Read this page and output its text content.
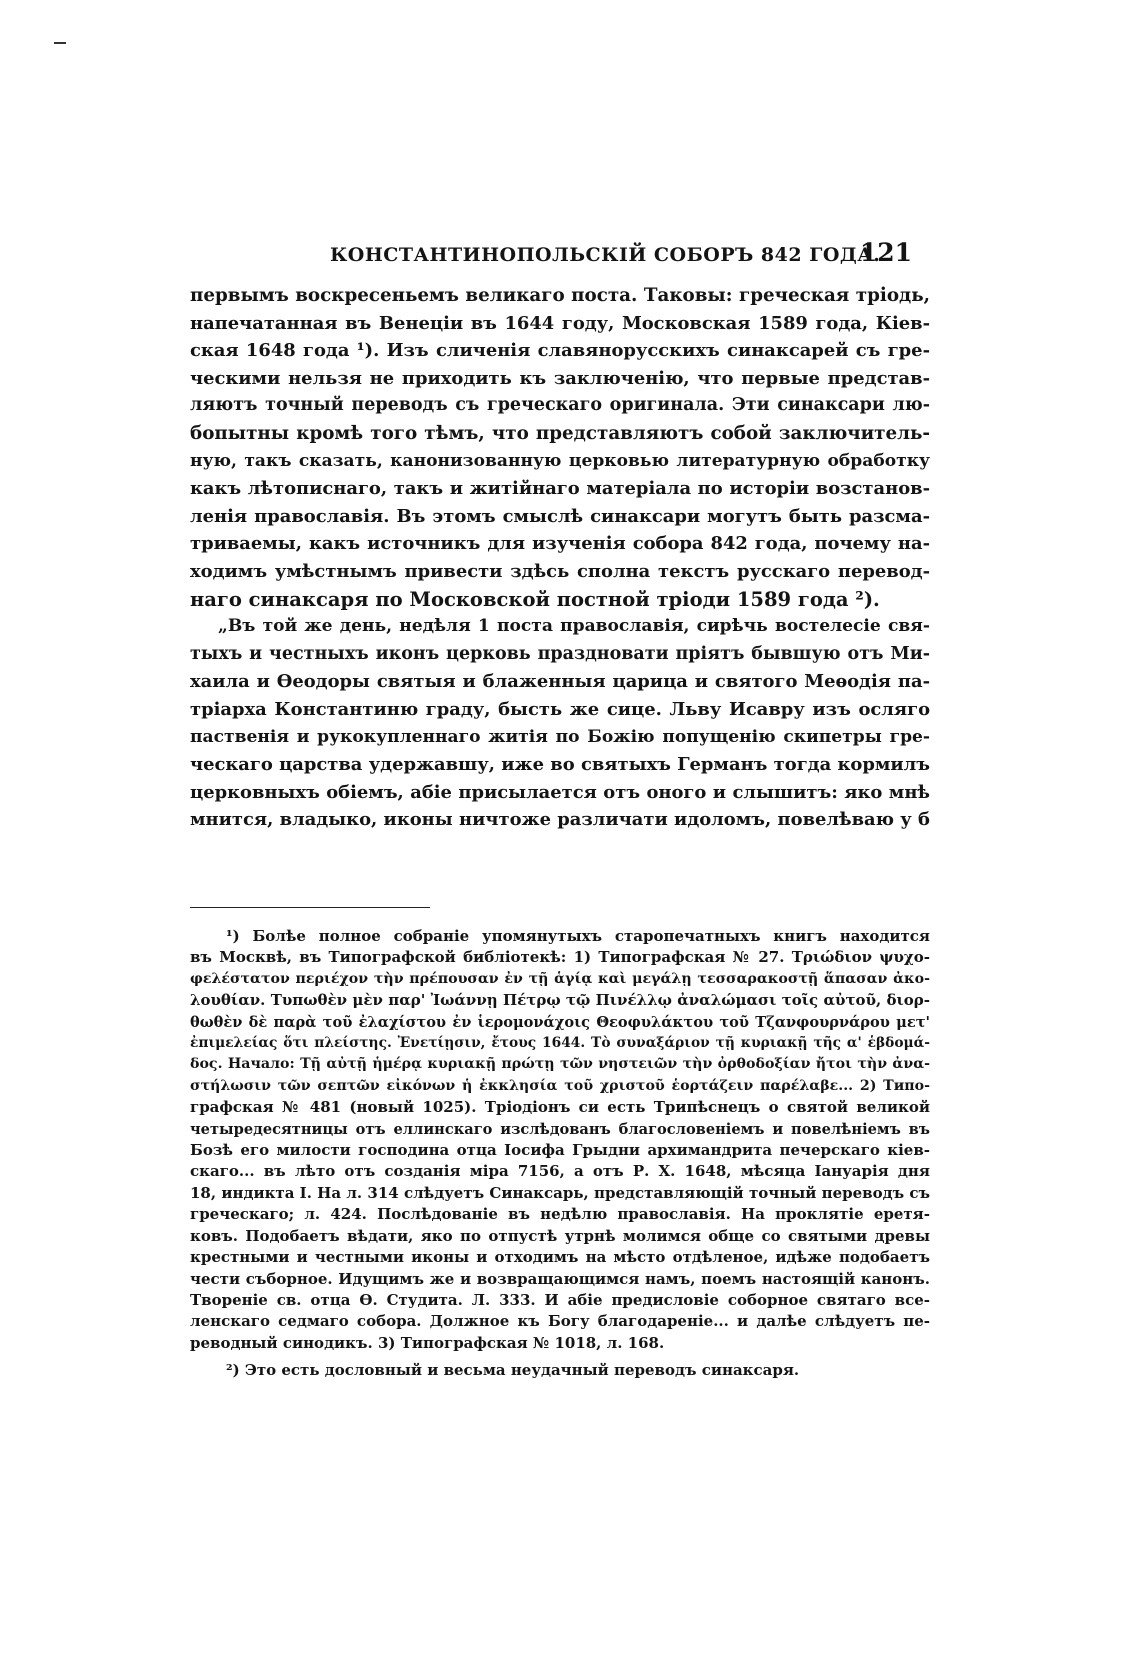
КОНСТАНТИНОПОЛЬСКІЙ СОБОРЪ 842 ГОДА.
121
первымъ воскресеньемъ великаго поста. Таковы: греческая тріодь,
напечатанная въ Венеціи въ 1644 году, Московская 1589 года, Кіев-
ская 1648 года ¹). Изъ сличенія славянорусскихъ синаксарей съ гре-
ческими нельзя не приходить къ заключенію, что первые представ-
ляютъ точный переводъ съ греческаго оригинала. Эти синаксари лю-
бопытны кромѣ того тѣмъ, что представляютъ собой заключитель-
ную, такъ сказать, канонизованную церковью литературную обработку
какъ лѣтописнаго, такъ и житійнаго матеріала по исторіи возстанов-
ленія православія. Въ этомъ смыслѣ синаксари могутъ быть разсма-
триваемы, какъ источникъ для изученія собора 842 года, почему на-
ходимъ умѣстнымъ привести здѣсь сполна текстъ русскаго перевод-
наго синаксаря по Московской постной тріоди 1589 года ²).
„Въ той же день, недѣля 1 поста православія, сирѣчь востелесіе свя-
тыхъ и честныхъ иконъ церковь праздновати пріятъ бывшую отъ Ми-
хаила и Ѳеодоры святыя и блаженныя царица и святого Меѳодія па-
тріарха Константиню граду, бысть же сице. Льву Исавру изъ осляго
паственія и рукокупленнаго житія по Божію попущенію скипетры гре-
ческаго царства удержавшу, иже во святыхъ Германъ тогда кормилъ
церковныхъ обіемъ, абіе присылается отъ оного и слышитъ: яко мнѣ
мнится, владыко, иконы ничтоже различати идоломъ, повелѣваю у б
¹) Болѣе полное собраніе упомянутыхъ старопечатныхъ книгъ находится
въ Москвѣ, въ Типографской библіотекѣ: 1) Типографская № 27. Τριώδιον ψυχο-
φελέστατον περιέχον τὴν πρέπουσαν ἐν τῇ ἁγίᾳ καὶ μεγάλῃ τεσσαρακοστῇ ἅπασαν ἀκο-
λουθίαν. Τυπωθὲν μὲν παρ' Ἰωάννῃ Πέτρῳ τῷ Πινέλλῳ ἀναλώμασι τοῖς αὐτοῦ, διορ-
θωθὲν δὲ παρὰ τοῦ ἐλαχίστου ἐν ἱερομονάχοις Θεοφυλάκτου τοῦ Τζανφουρνάρου μετ'
ἐπιμελείας ὅτι πλείστης. Ἐνετίῃσιν, ἔτους 1644. Τὸ συναξάριον τῇ κυριακῇ τῆς α' ἑβδομά-
δος. Начало: Τῇ αὐτῇ ἡμέρᾳ κυριακῇ πρώτῃ τῶν νηστειῶν τὴν ὀρθοδοξίαν ἤτοι τὴν ἀνα-
στήλωσιν τῶν σεπτῶν εἰκόνων ἡ ἐκκλησία τοῦ χριστοῦ ἑορτάζειν παρέλαβε... 2) Типо-
графская № 481 (новый 1025). Тріодіонъ си есть Трипѣснецъ о святой великой
четыредесятницы отъ еллинскаго изслѣдованъ благословеніемъ и повелѣніемъ въ
Бозѣ его милости господина отца Іосифа Грыдни архимандрита печерскаго кіев-
скаго... въ лѣто отъ созданія міра 7156, а отъ Р. Х. 1648, мѣсяца Іануарія дня
18, индикта І. На л. 314 слѣдуетъ Синаксарь, представляющій точный переводъ съ
греческаго; л. 424. Послѣдованіе въ недѣлю православія. На проклятіе еретя-
ковъ. Подобаетъ вѣдати, яко по отпустѣ утрнѣ молимся обще со святыми древы
крестными и честными иконы и отходимъ на мѣсто отдѣленое, идѣже подобаетъ
чести съборное. Идущимъ же и возвращающимся намъ, поемъ настоящій канонъ.
Твореніе св. отца Ѳ. Студита. Л. 333. И абіе предисловіе соборное святаго все-
ленскаго седмаго собора. Должное къ Богу благодареніе... и далѣе слѣдуетъ пе-
реводный синодикъ. 3) Типографская № 1018, л. 168.
²) Это есть дословный и весьма неудачный переводъ синаксаря.
